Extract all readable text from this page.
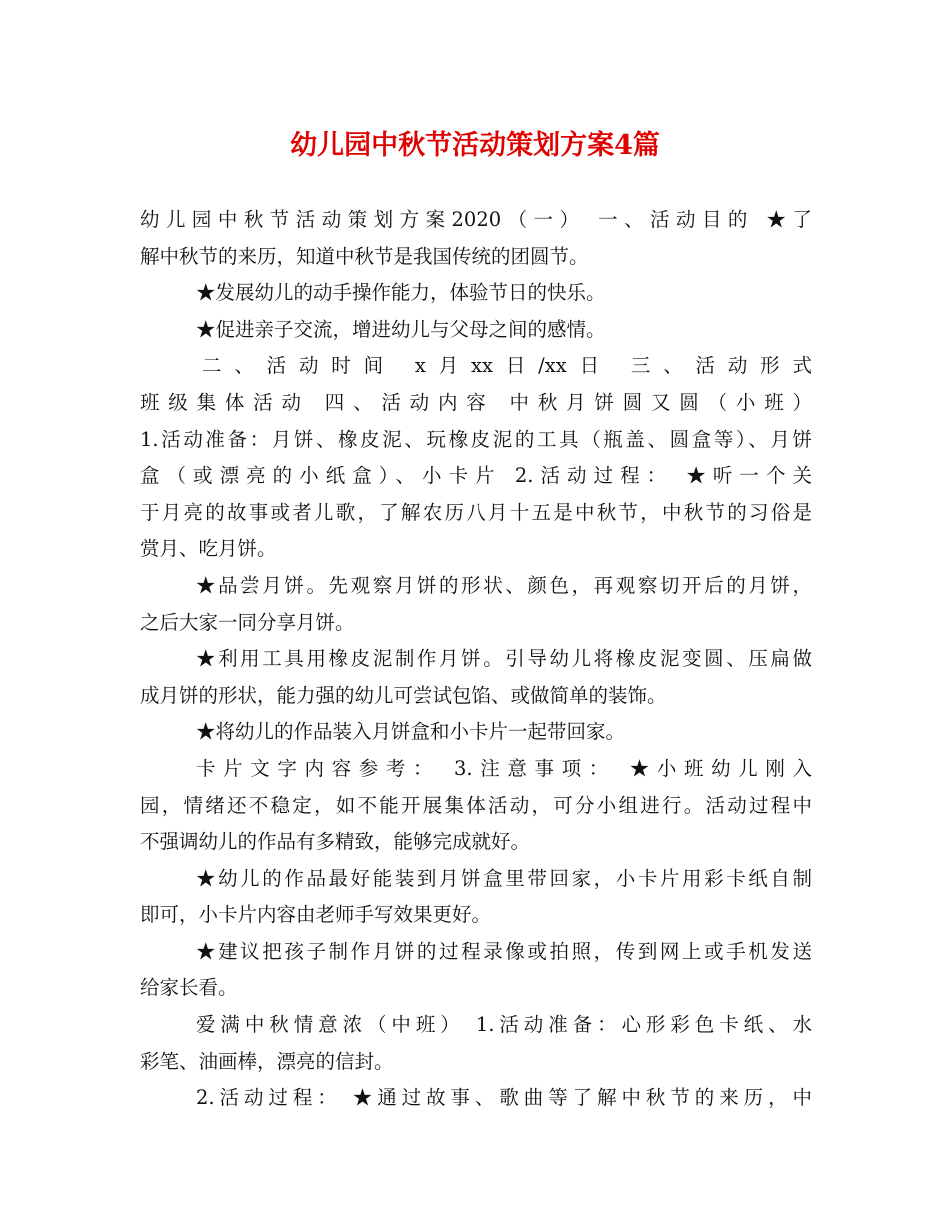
幼儿园中秋节活动策划方案4篇
幼儿园中秋节活动策划方案2020（一） 一、活动目的 ★了
解中秋节的来历，知道中秋节是我国传统的团圆节。
★发展幼儿的动手操作能力，体验节日的快乐。
★促进亲子交流，增进幼儿与父母之间的感情。
二、活动时间 x月xx日/xx日 三、活动形式
班级集体活动 四、活动内容 中秋月饼圆又圆（小班）
1.活动准备：月饼、橡皮泥、玩橡皮泥的工具（瓶盖、圆盒等）、月饼
盒（或漂亮的小纸盒）、小卡片 2.活动过程： ★听一个关
于月亮的故事或者儿歌，了解农历八月十五是中秋节，中秋节的习俗是
赏月、吃月饼。
★品尝月饼。先观察月饼的形状、颜色，再观察切开后的月饼，
之后大家一同分享月饼。
★利用工具用橡皮泥制作月饼。引导幼儿将橡皮泥变圆、压扁做
成月饼的形状，能力强的幼儿可尝试包馅、或做简单的装饰。
★将幼儿的作品装入月饼盒和小卡片一起带回家。
卡片文字内容参考： 3.注意事项： ★小班幼儿刚入
园，情绪还不稳定，如不能开展集体活动，可分小组进行。活动过程中
不强调幼儿的作品有多精致，能够完成就好。
★幼儿的作品最好能装到月饼盒里带回家，小卡片用彩卡纸自制
即可，小卡片内容由老师手写效果更好。
★建议把孩子制作月饼的过程录像或拍照，传到网上或手机发送
给家长看。
爱满中秋情意浓（中班） 1.活动准备：心形彩色卡纸、水
彩笔、油画棒，漂亮的信封。
2.活动过程： ★通过故事、歌曲等了解中秋节的来历，中
